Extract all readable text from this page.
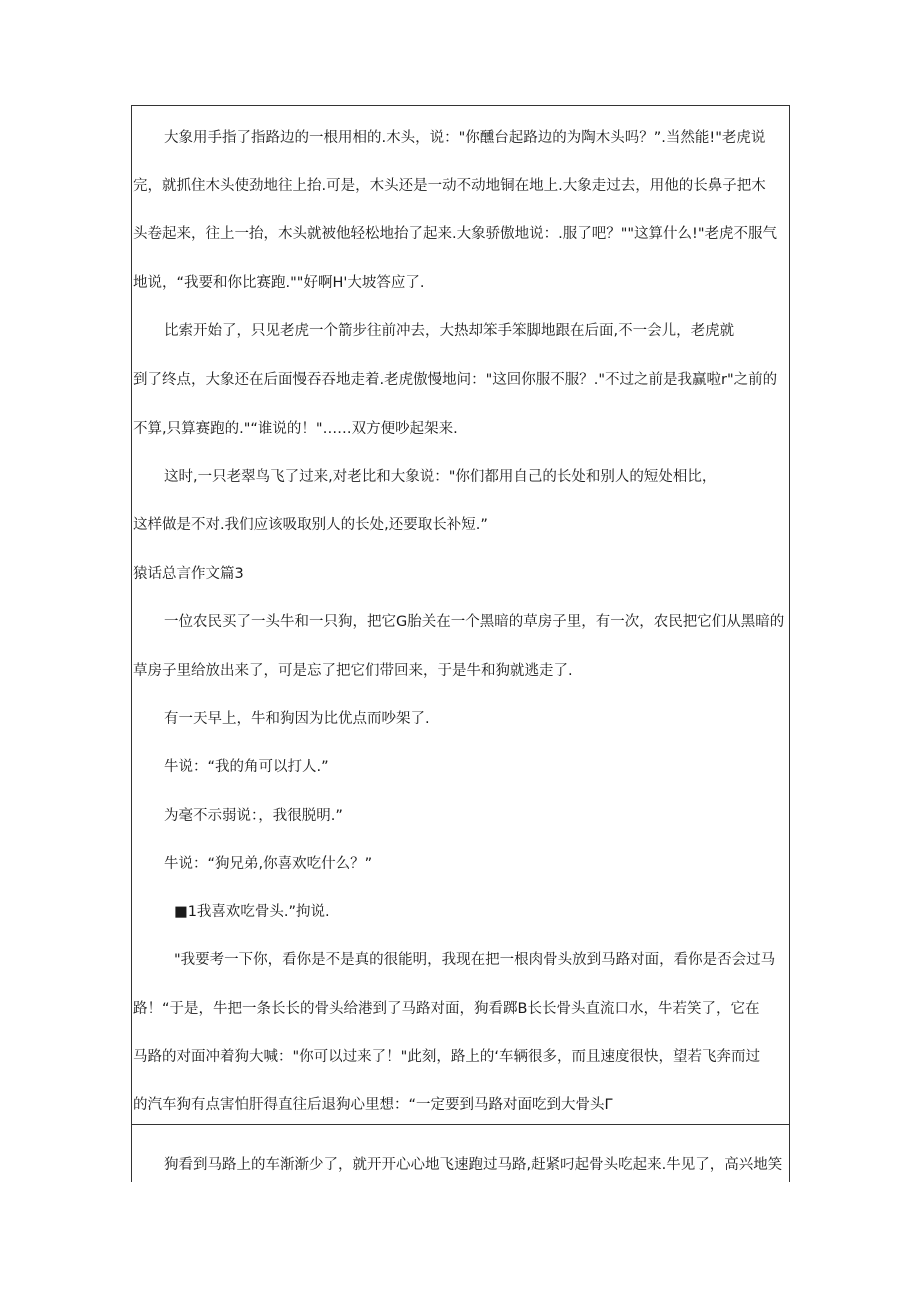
大象用手指了指路边的一根用相的.木头，说："你醺台起路边的为陶木头吗？”.当然能!"老虎说
完，就抓住木头使劲地往上抬.可是，木头还是一动不动地铜在地上.大象走过去，用他的长鼻子把木
头卷起来，往上一抬，木头就被他轻松地抬了起来.大象骄傲地说：.服了吧？""这算什么!"老虎不服气
地说，“我要和你比赛跑.""好啊H'大坡答应了.
比索开始了，只见老虎一个箭步往前冲去，大热却笨手笨脚地跟在后面,不一会儿，老虎就
到了终点，大象还在后面慢吞吞地走着.老虎傲慢地问："这回你服不服？."不过之前是我赢啦r"之前的
不算,只算赛跑的."“谁说的！"……双方便吵起架来.
这时,一只老翠鸟飞了过来,对老比和大象说："你们都用自己的长处和别人的短处相比，
这样做是不对.我们应该吸取别人的长处,还要取长补短.”
猿话总言作文篇3
一位农民买了一头牛和一只狗，把它G胎关在一个黑暗的草房子里，有一次，农民把它们从黑暗的
草房子里给放出来了，可是忘了把它们带回来，于是牛和狗就逃走了.
有一天早上，牛和狗因为比优点而吵架了.
牛说：“我的角可以打人.”
为毫不示弱说：，我很脱明.”
牛说：“狗兄弟,你喜欢吃什么？”
■1我喜欢吃骨头.”拘说.
"我要考一下你，看你是不是真的很能明，我现在把一根肉骨头放到马路对面，看你是否会过马
路！“于是，牛把一条长长的骨头给港到了马路对面，狗看踯B长长骨头直流口水，牛若笑了，它在
马路的对面冲着狗大喊："你可以过来了！"此刻，路上的‘车辆很多，而且速度很快，望若飞奔而过
的汽车狗有点害怕肝得直往后退狗心里想：“一定要到马路对面吃到大骨头Γ
狗看到马路上的车渐渐少了，就开开心心地飞速跑过马路,赶紧叼起骨头吃起来.牛见了，高兴地笑
